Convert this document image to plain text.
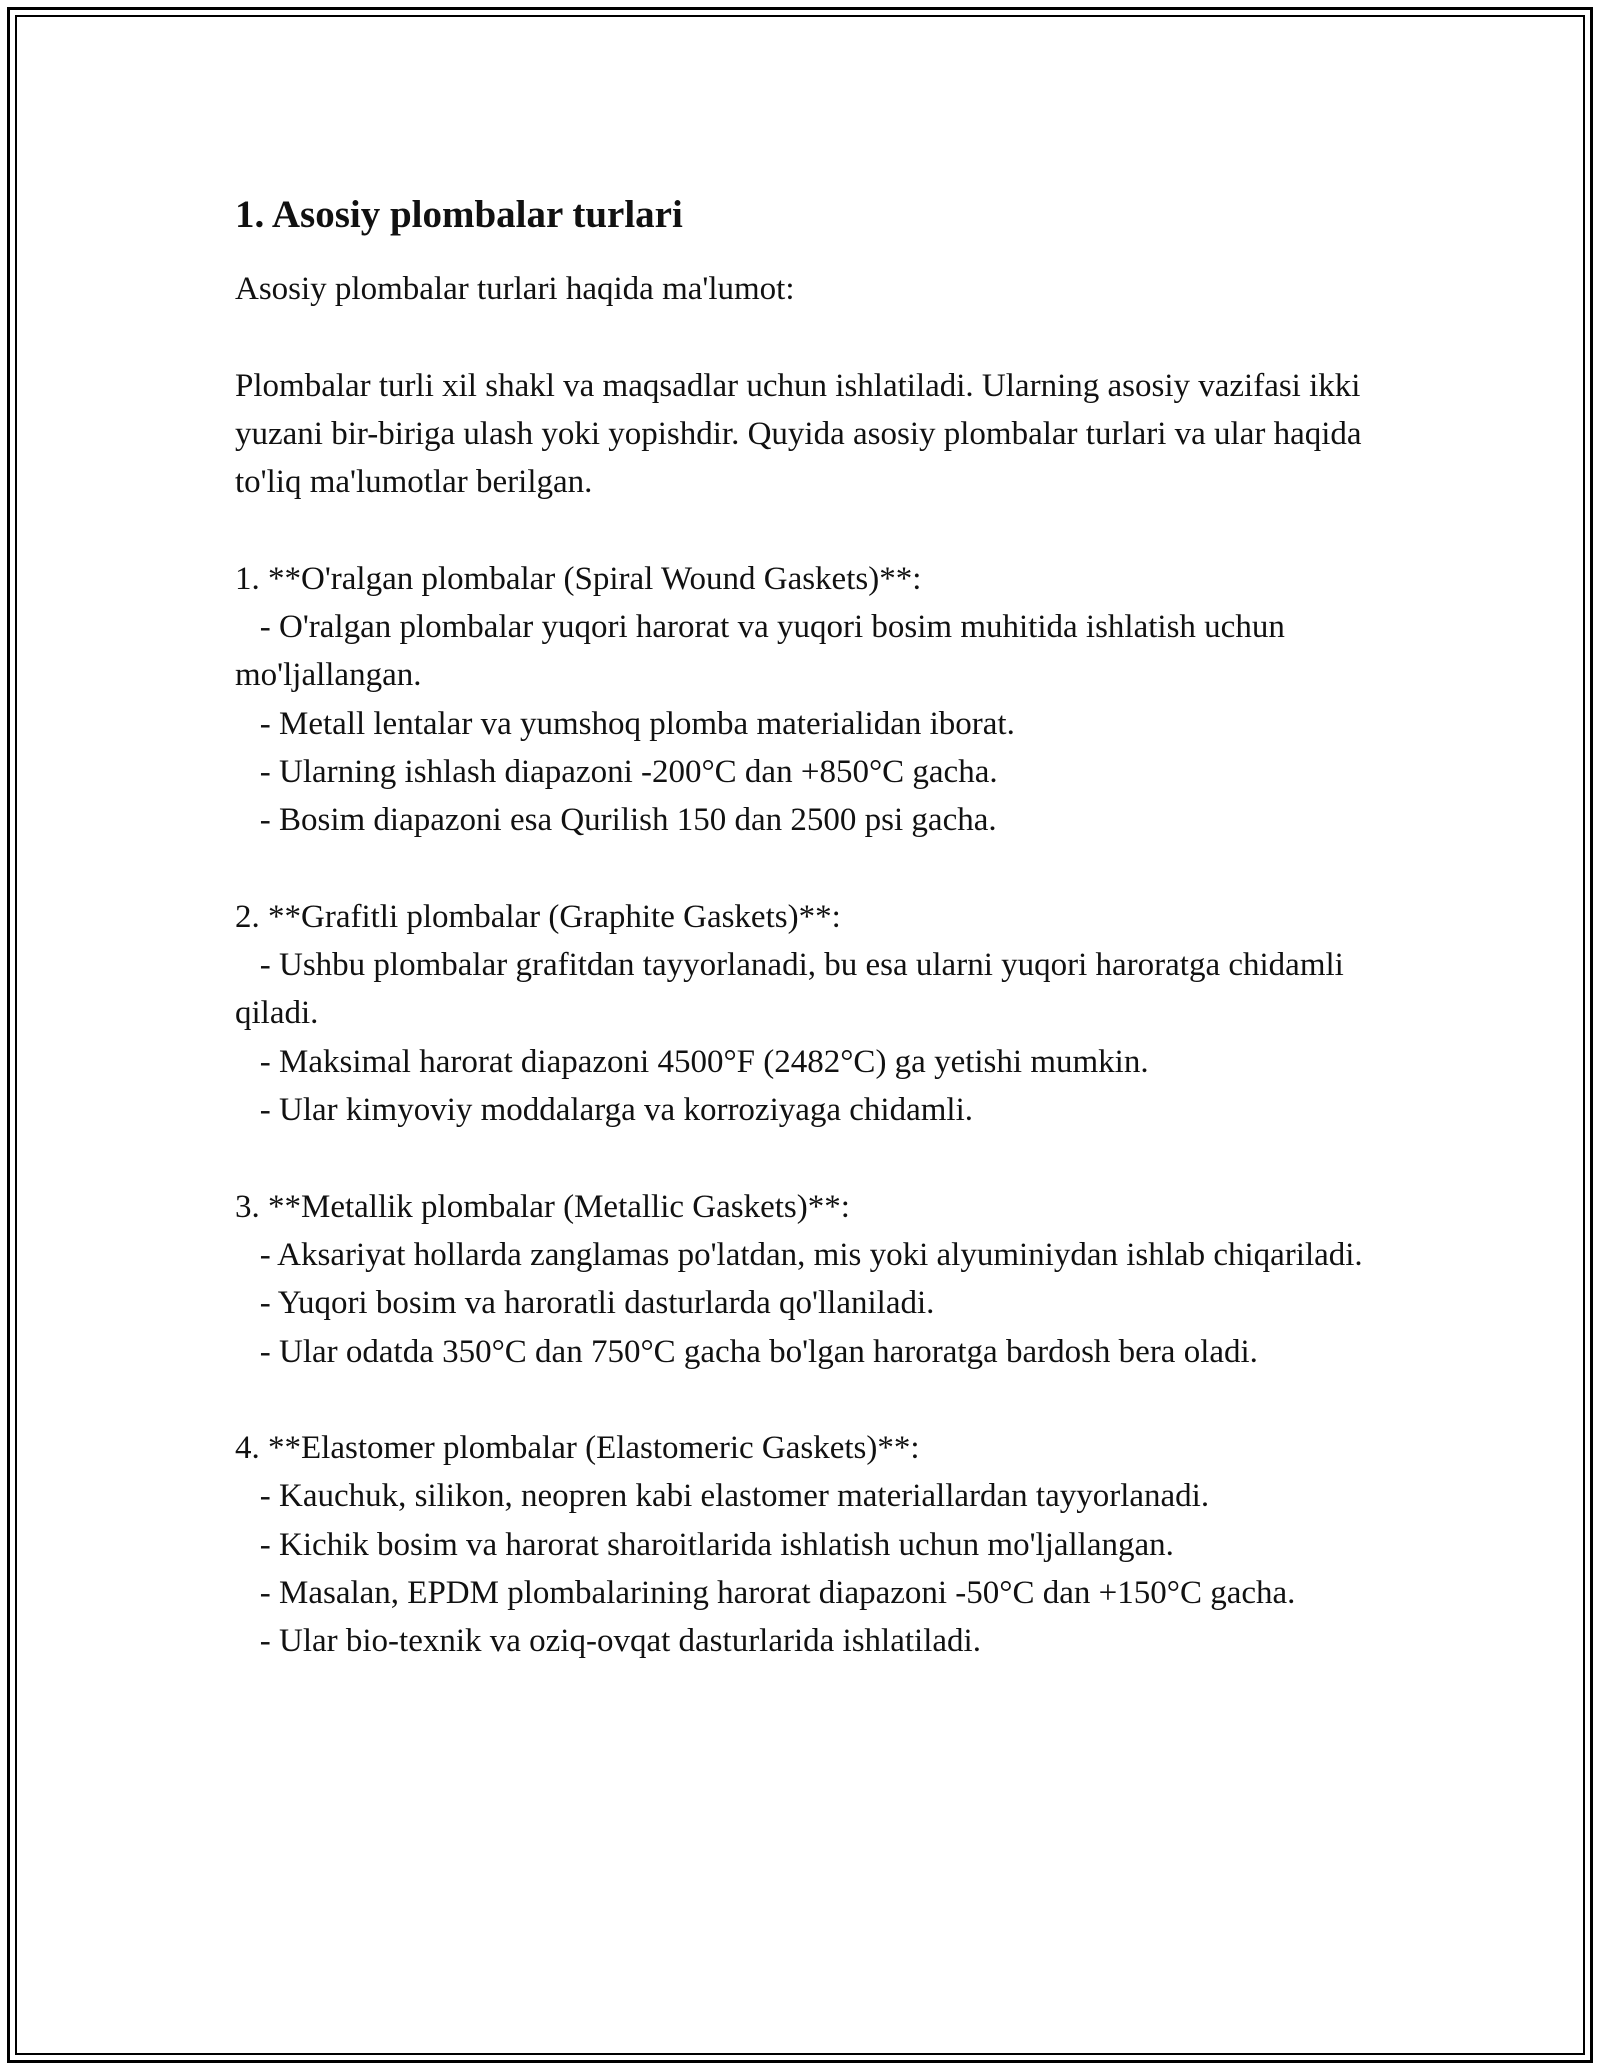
1. Asosiy plombalar turlari
Asosiy plombalar turlari haqida ma'lumot:

Plombalar turli xil shakl va maqsadlar uchun ishlatiladi. Ularning asosiy vazifasi ikki yuzani bir-biriga ulash yoki yopishdir. Quyida asosiy plombalar turlari va ular haqida to'liq ma'lumotlar berilgan.

1. **O'ralgan plombalar (Spiral Wound Gaskets)**:
- O'ralgan plombalar yuqori harorat va yuqori bosim muhitida ishlatish uchun mo'ljallangan.
- Metall lentalar va yumshoq plomba materialidan iborat.
- Ularning ishlash diapazoni -200°C dan +850°C gacha.
- Bosim diapazoni esa Qurilish 150 dan 2500 psi gacha.

2. **Grafitli plombalar (Graphite Gaskets)**:
- Ushbu plombalar grafitdan tayyorlanadi, bu esa ularni yuqori haroratga chidamli qiladi.
- Maksimal harorat diapazoni 4500°F (2482°C) ga yetishi mumkin.
- Ular kimyoviy moddalarga va korroziyaga chidamli.

3. **Metallik plombalar (Metallic Gaskets)**:
- Aksariyat hollarda zanglamas po'latdan, mis yoki alyuminiydan ishlab chiqariladi.
- Yuqori bosim va haroratli dasturlarda qo'llaniladi.
- Ular odatda 350°C dan 750°C gacha bo'lgan haroratga bardosh bera oladi.

4. **Elastomer plombalar (Elastomeric Gaskets)**:
- Kauchuk, silikon, neopren kabi elastomer materiallardan tayyorlanadi.
- Kichik bosim va harorat sharoitlarida ishlatish uchun mo'ljallangan.
- Masalan, EPDM plombalarining harorat diapazoni -50°C dan +150°C gacha.
- Ular bio-texnik va oziq-ovqat dasturlarida ishlatiladi.
